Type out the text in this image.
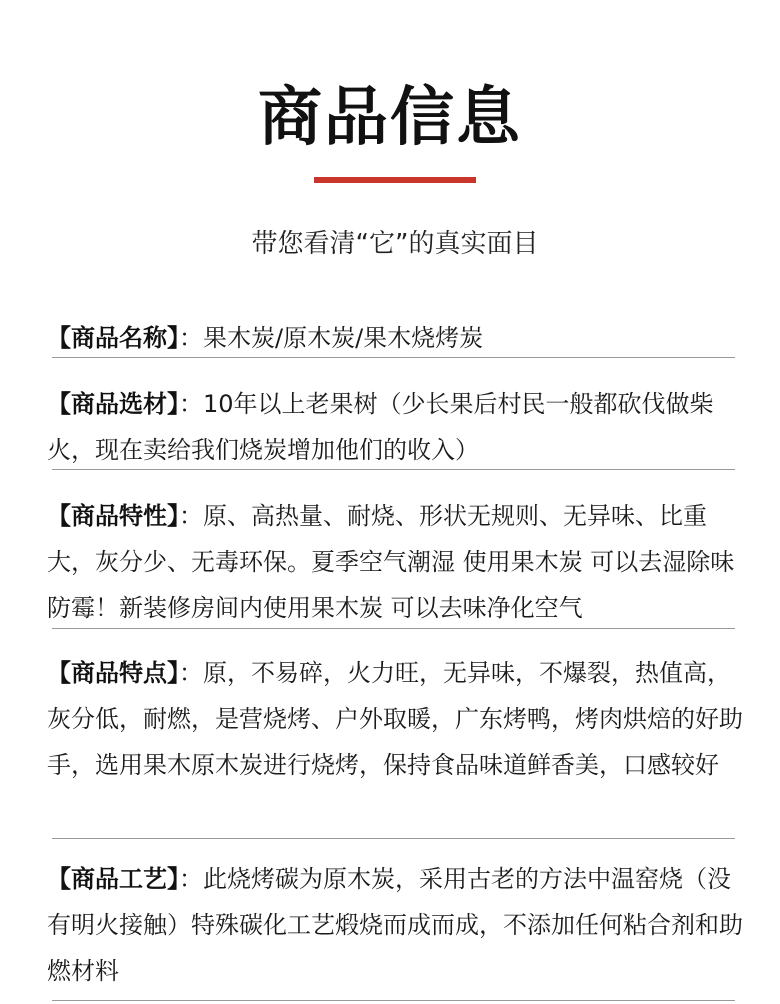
商品信息
带您看清“它”的真实面目
【商品名称】：果木炭/原木炭/果木烧烤炭
【商品选材】：10年以上老果树（少长果后村民一般都砍伐做柴火，现在卖给我们烧炭增加他们的收入）
【商品特性】：原、高热量、耐烧、形状无规则、无异味、比重大，灰分少、无毒环保。夏季空气潮湿 使用果木炭 可以去湿除味 防霉！新装修房间内使用果木炭 可以去味净化空气
【商品特点】：原，不易碎，火力旺，无异味，不爆裂，热值高，灰分低，耐燃，是营烧烤、户外取暖，广东烤鸭，烤肉烘焙的好助手，选用果木原木炭进行烧烤，保持食品味道鲜香美，口感较好
【商品工艺】：此烧烤碳为原木炭，采用古老的方法中温窑烧（没有明火接触）特殊碳化工艺煅烧而成而成，不添加任何粘合剂和助燃材料
